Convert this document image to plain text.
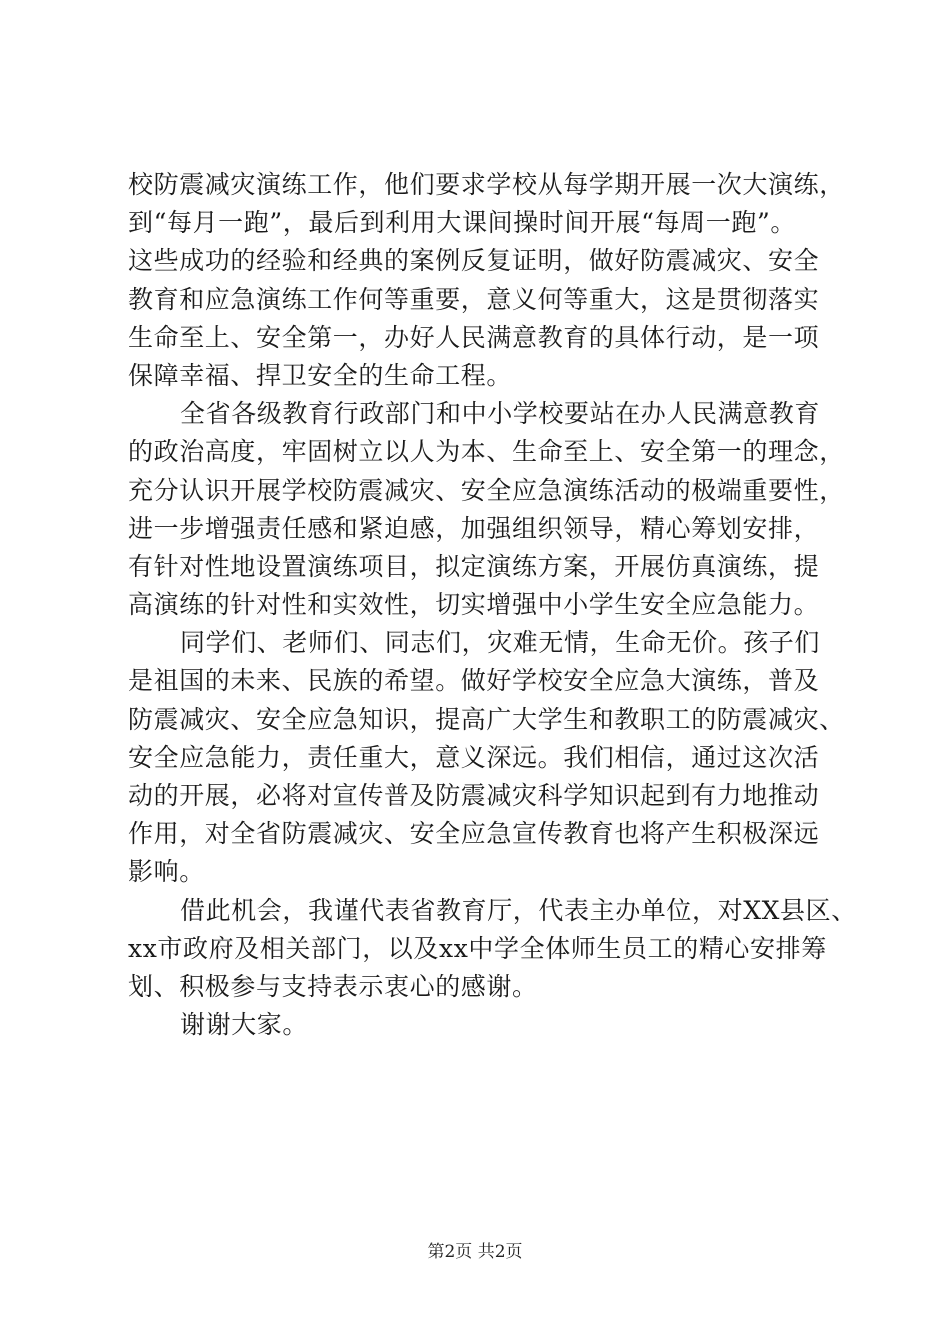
校防震减灾演练工作，他们要求学校从每学期开展一次大演练，
到“每月一跑”，最后到利用大课间操时间开展“每周一跑”。
这些成功的经验和经典的案例反复证明，做好防震减灾、安全
教育和应急演练工作何等重要，意义何等重大，这是贯彻落实
生命至上、安全第一，办好人民满意教育的具体行动，是一项
保障幸福、捍卫安全的生命工程。
全省各级教育行政部门和中小学校要站在办人民满意教育
的政治高度，牢固树立以人为本、生命至上、安全第一的理念，
充分认识开展学校防震减灾、安全应急演练活动的极端重要性，
进一步增强责任感和紧迫感，加强组织领导，精心筹划安排，
有针对性地设置演练项目，拟定演练方案，开展仿真演练，提
高演练的针对性和实效性，切实增强中小学生安全应急能力。
同学们、老师们、同志们，灾难无情，生命无价。孩子们
是祖国的未来、民族的希望。做好学校安全应急大演练，普及
防震减灾、安全应急知识，提高广大学生和教职工的防震减灾、
安全应急能力，责任重大，意义深远。我们相信，通过这次活
动的开展，必将对宣传普及防震减灾科学知识起到有力地推动
作用，对全省防震减灾、安全应急宣传教育也将产生积极深远
影响。
借此机会，我谨代表省教育厅，代表主办单位，对XX县区、
xx市政府及相关部门，以及xx中学全体师生员工的精心安排筹
划、积极参与支持表示衷心的感谢。
谢谢大家。
第2页 共2页
